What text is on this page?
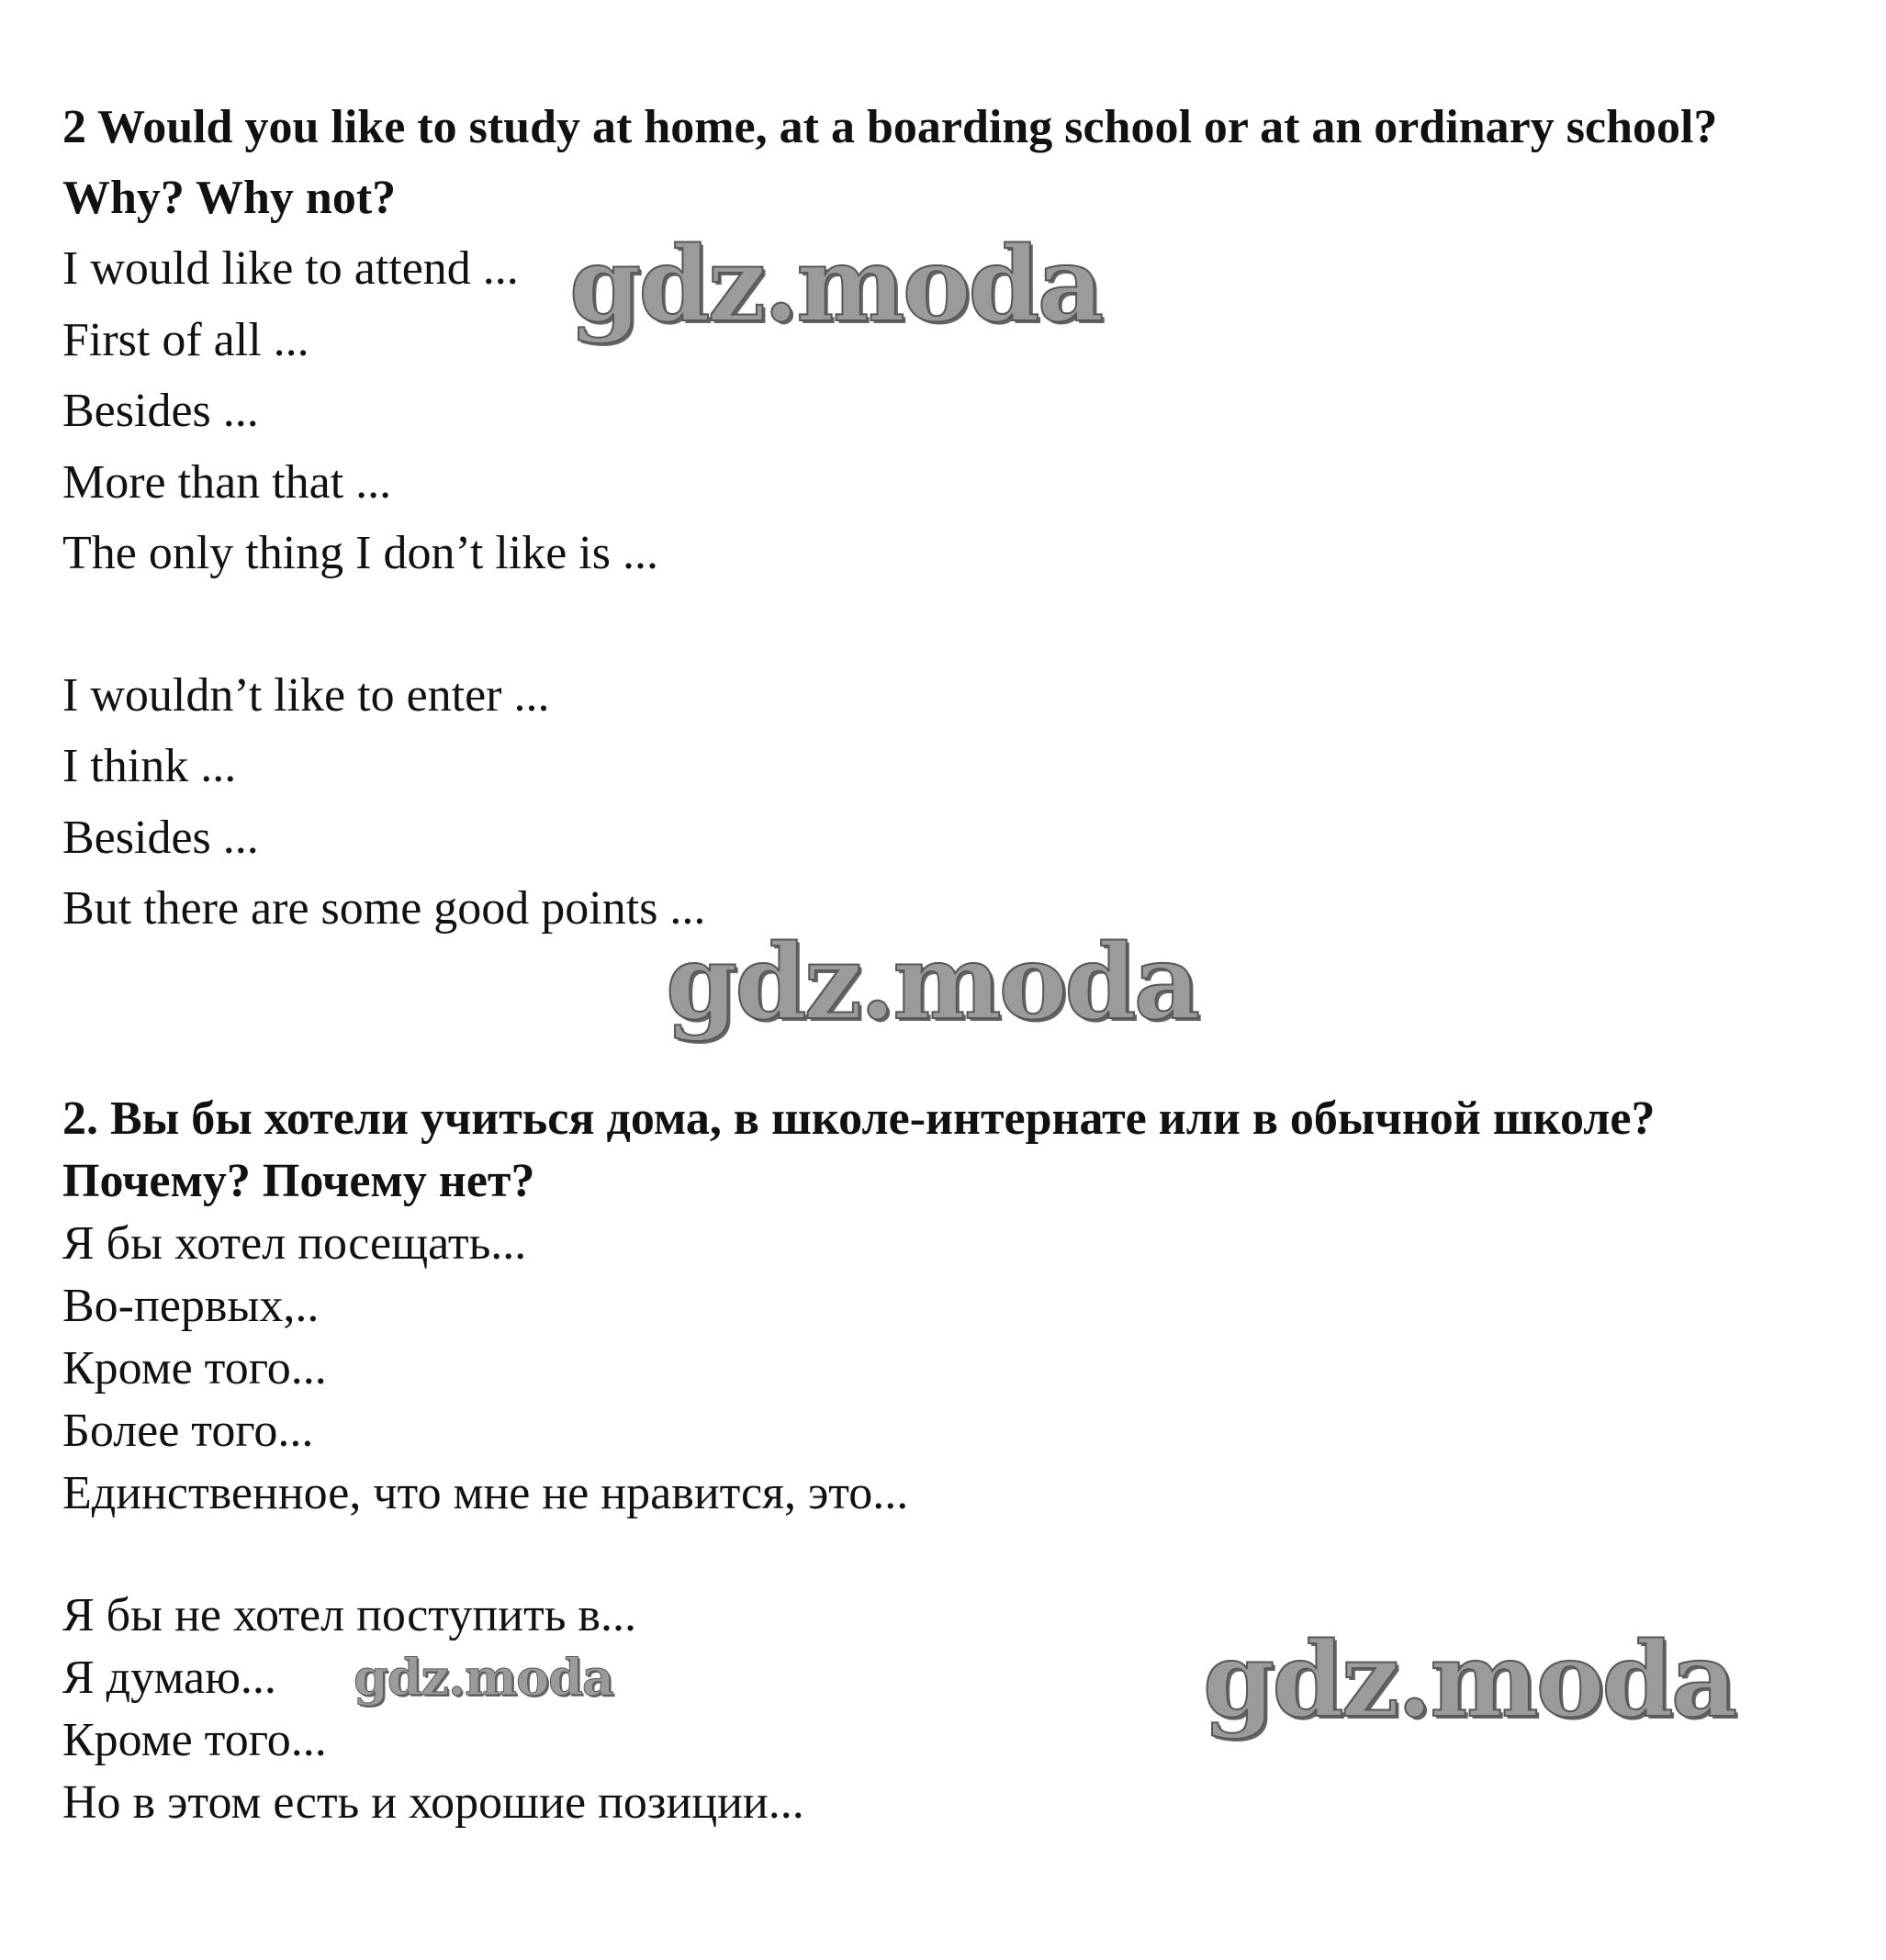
2 Would you like to study at home, at a boarding school or at an ordinary school? Why? Why not?

I would like to attend ...

First of all ...

Besides ...

More than that ...

The only thing I don’t like is ...

I wouldn’t like to enter ...

I think ...

Besides ...

But there are some good points ...

2. Вы бы хотели учиться дома, в школе-интернате или в обычной школе? Почему? Почему нет?

Я бы хотел посещать...

Во-первых,..

Кроме того...

Более того...

Единственное, что мне не нравится, это...

Я бы не хотел поступить в...

Я думаю...

Кроме того...

Но в этом есть и хорошие позиции...

gdz.moda
gdz.moda
gdz.moda
gdz.moda
